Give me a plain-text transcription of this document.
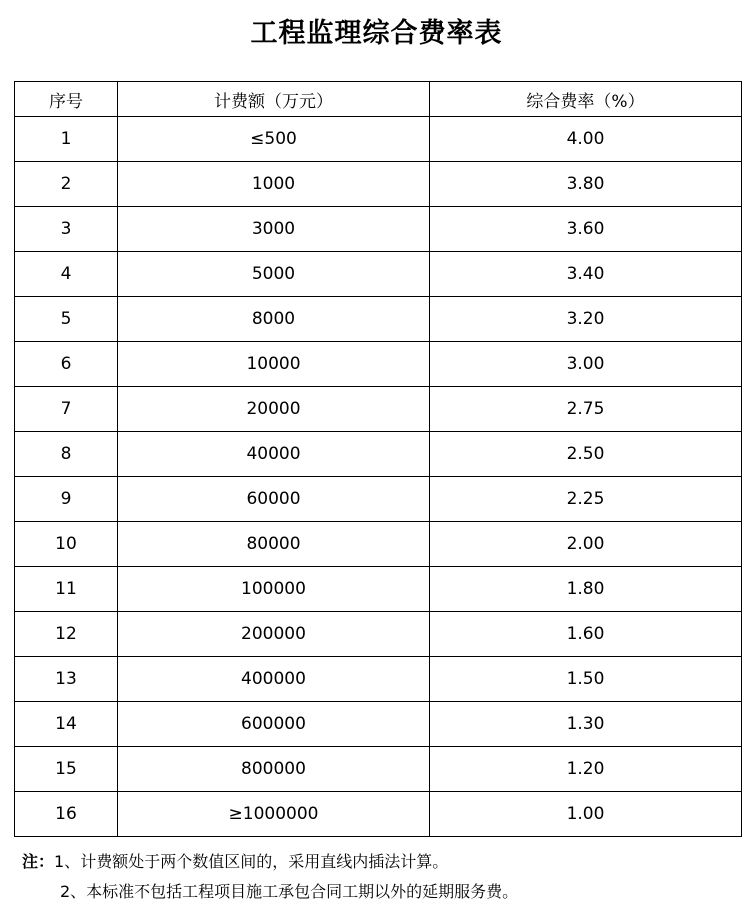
工程监理综合费率表
序号	计费额（万元）	综合费率（%）
1	≤500	4.00
2	1000	3.80
3	3000	3.60
4	5000	3.40
5	8000	3.20
6	10000	3.00
7	20000	2.75
8	40000	2.50
9	60000	2.25
10	80000	2.00
11	100000	1.80
12	200000	1.60
13	400000	1.50
14	600000	1.30
15	800000	1.20
16	≥1000000	1.00
注：1、计费额处于两个数值区间的，采用直线内插法计算。
2、本标准不包括工程项目施工承包合同工期以外的延期服务费。
